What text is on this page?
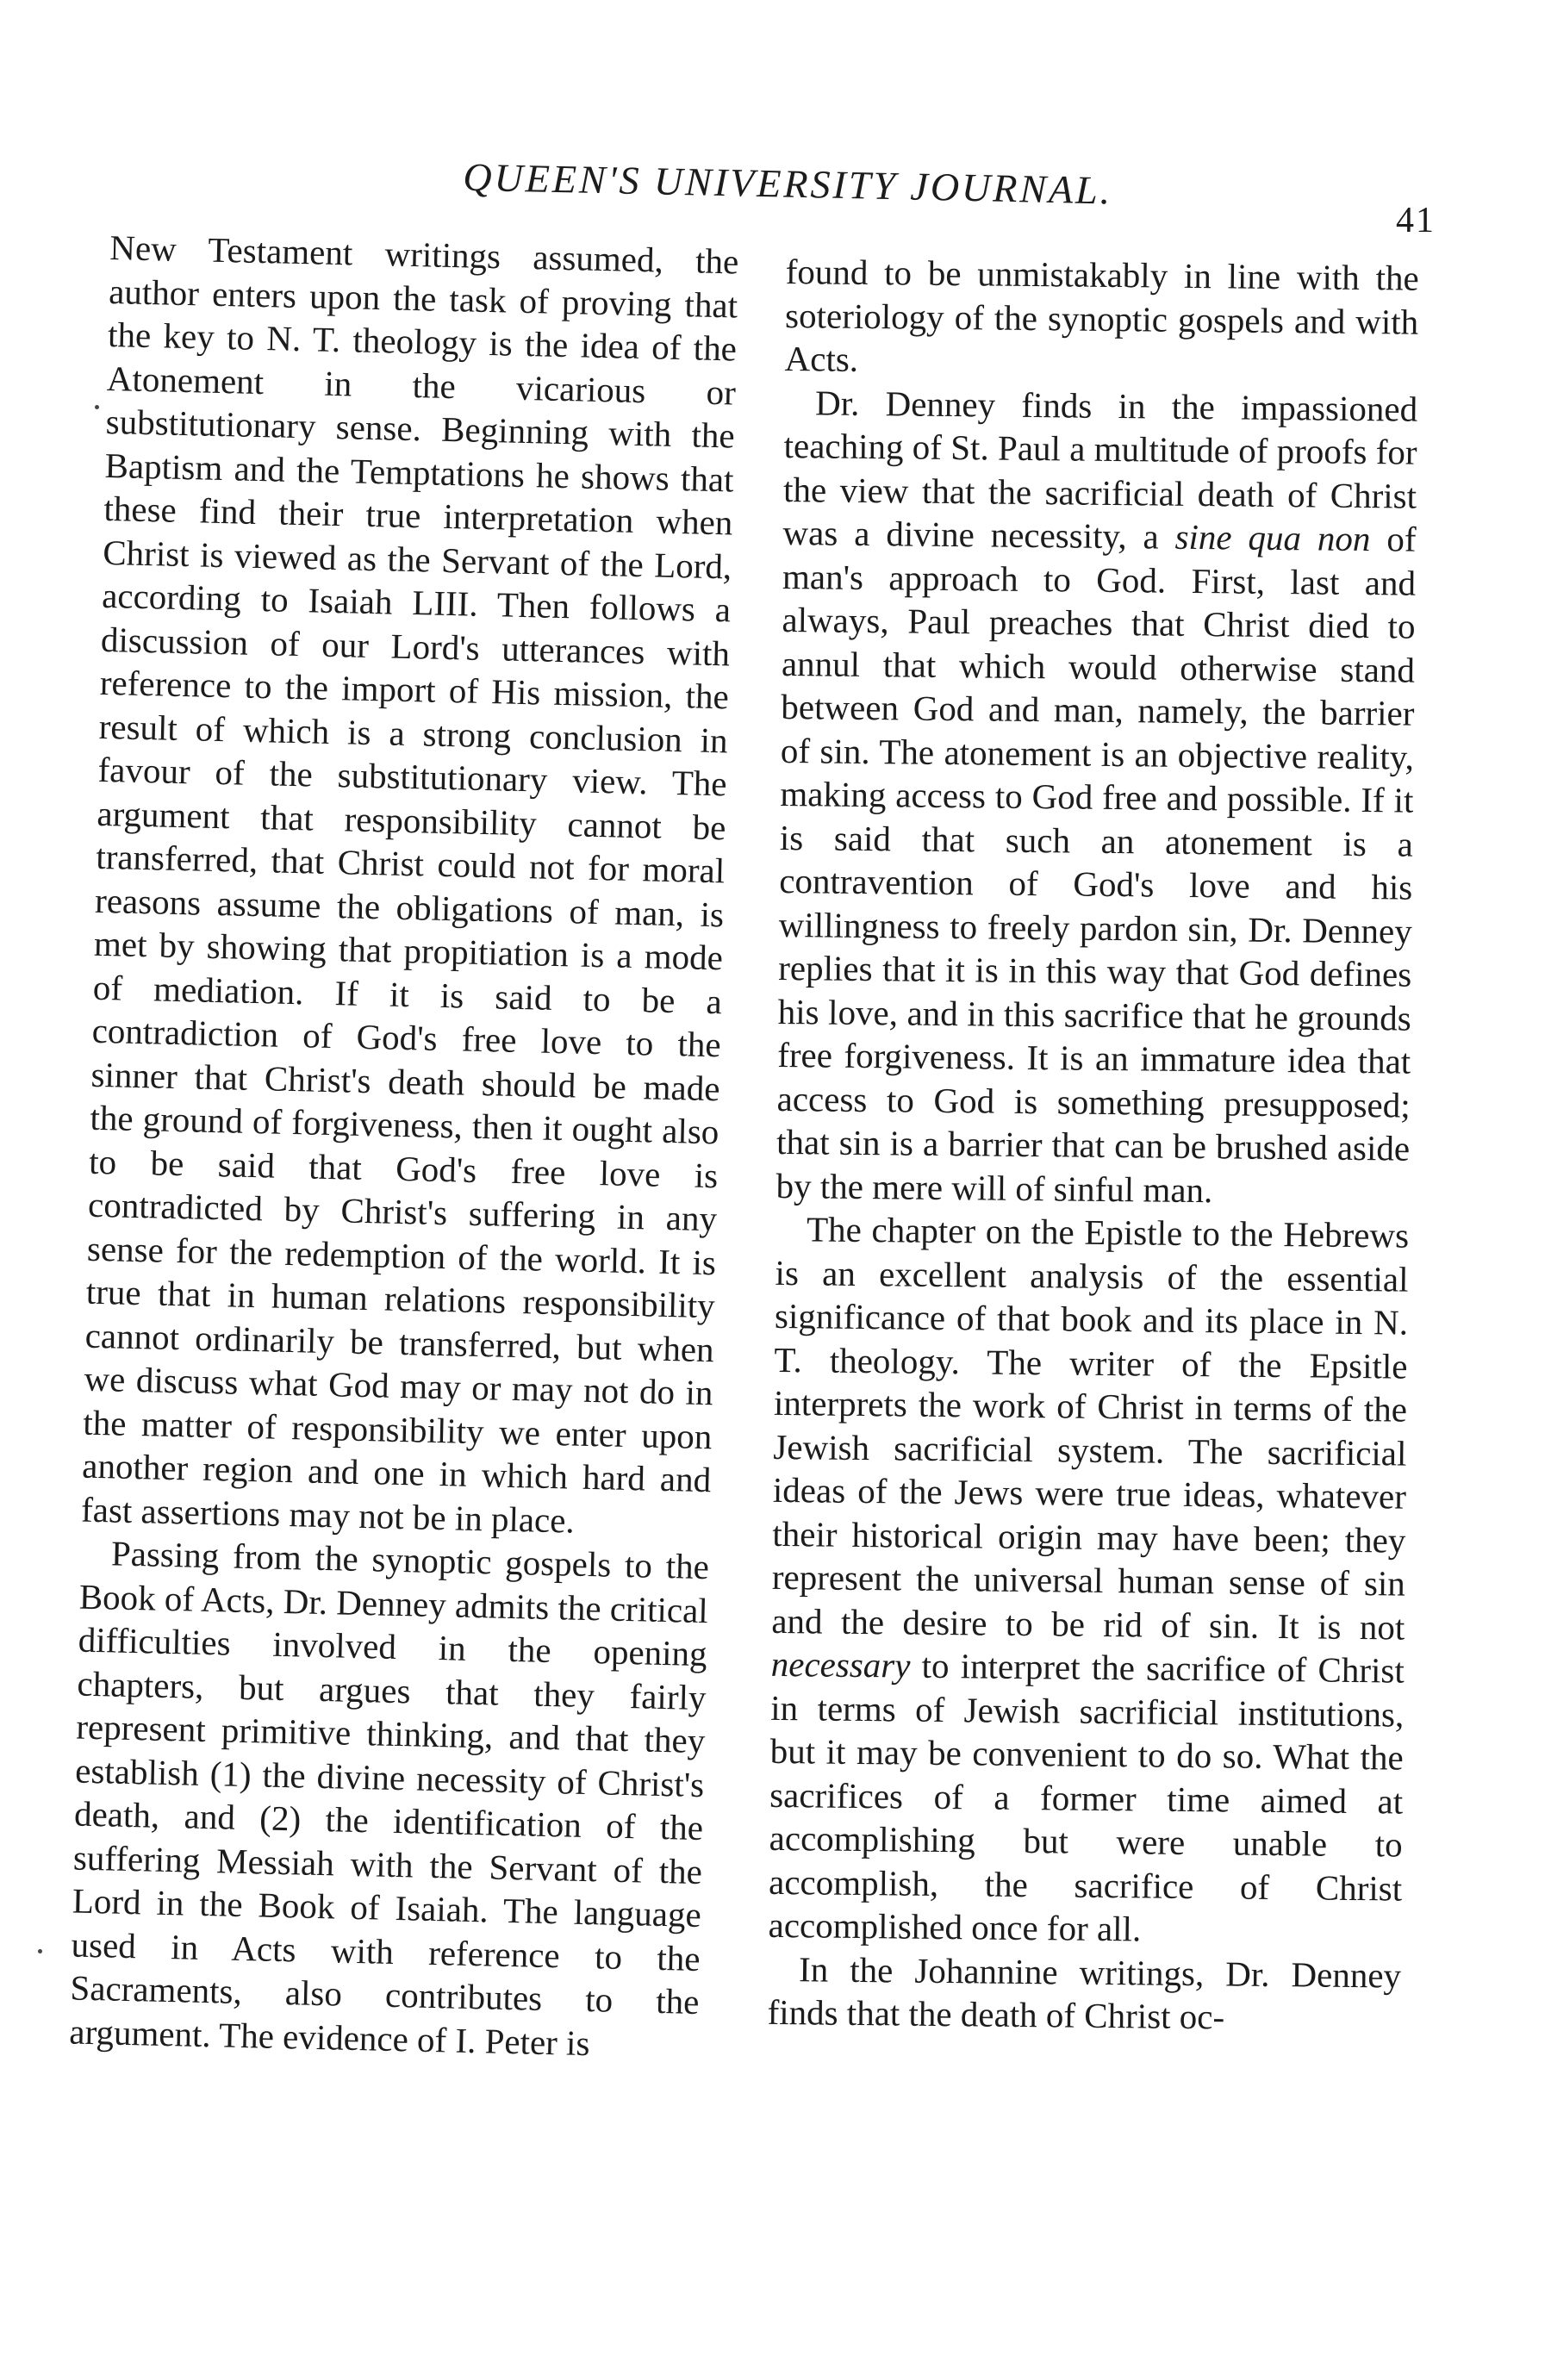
QUEEN'S UNIVERSITY JOURNAL.
41

New Testament writings assumed, the author enters upon the task of proving that the key to N. T. theology is the idea of the Atonement in the vicarious or substitutionary sense. Beginning with the Baptism and the Temptations he shows that these find their true interpretation when Christ is viewed as the Servant of the Lord, according to Isaiah LIII. Then follows a discussion of our Lord's utterances with reference to the import of His mission, the result of which is a strong conclusion in favour of the substitutionary view. The argument that responsibility cannot be transferred, that Christ could not for moral reasons assume the obligations of man, is met by showing that propitiation is a mode of mediation. If it is said to be a contradiction of God's free love to the sinner that Christ's death should be made the ground of forgiveness, then it ought also to be said that God's free love is contradicted by Christ's suffering in any sense for the redemption of the world. It is true that in human relations responsibility cannot ordinarily be transferred, but when we discuss what God may or may not do in the matter of responsibility we enter upon another region and one in which hard and fast assertions may not be in place.

Passing from the synoptic gospels to the Book of Acts, Dr. Denney admits the critical difficulties involved in the opening chapters, but argues that they fairly represent primitive thinking, and that they establish (1) the divine necessity of Christ's death, and (2) the identification of the suffering Messiah with the Servant of the Lord in the Book of Isaiah. The language used in Acts with reference to the Sacraments, also contributes to the argument. The evidence of I. Peter is

found to be unmistakably in line with the soteriology of the synoptic gospels and with Acts.

Dr. Denney finds in the impassioned teaching of St. Paul a multitude of proofs for the view that the sacrificial death of Christ was a divine necessity, a sine qua non of man's approach to God. First, last and always, Paul preaches that Christ died to annul that which would otherwise stand between God and man, namely, the barrier of sin. The atonement is an objective reality, making access to God free and possible. If it is said that such an atonement is a contravention of God's love and his willingness to freely pardon sin, Dr. Denney replies that it is in this way that God defines his love, and in this sacrifice that he grounds free forgiveness. It is an immature idea that access to God is something presupposed; that sin is a barrier that can be brushed aside by the mere will of sinful man.

The chapter on the Epistle to the Hebrews is an excellent analysis of the essential significance of that book and its place in N. T. theology. The writer of the Epsitle interprets the work of Christ in terms of the Jewish sacrificial system. The sacrificial ideas of the Jews were true ideas, whatever their historical origin may have been; they represent the universal human sense of sin and the desire to be rid of sin. It is not necessary to interpret the sacrifice of Christ in terms of Jewish sacrificial institutions, but it may be convenient to do so. What the sacrifices of a former time aimed at accomplishing but were unable to accomplish, the sacrifice of Christ accomplished once for all.

In the Johannine writings, Dr. Denney finds that the death of Christ oc-
